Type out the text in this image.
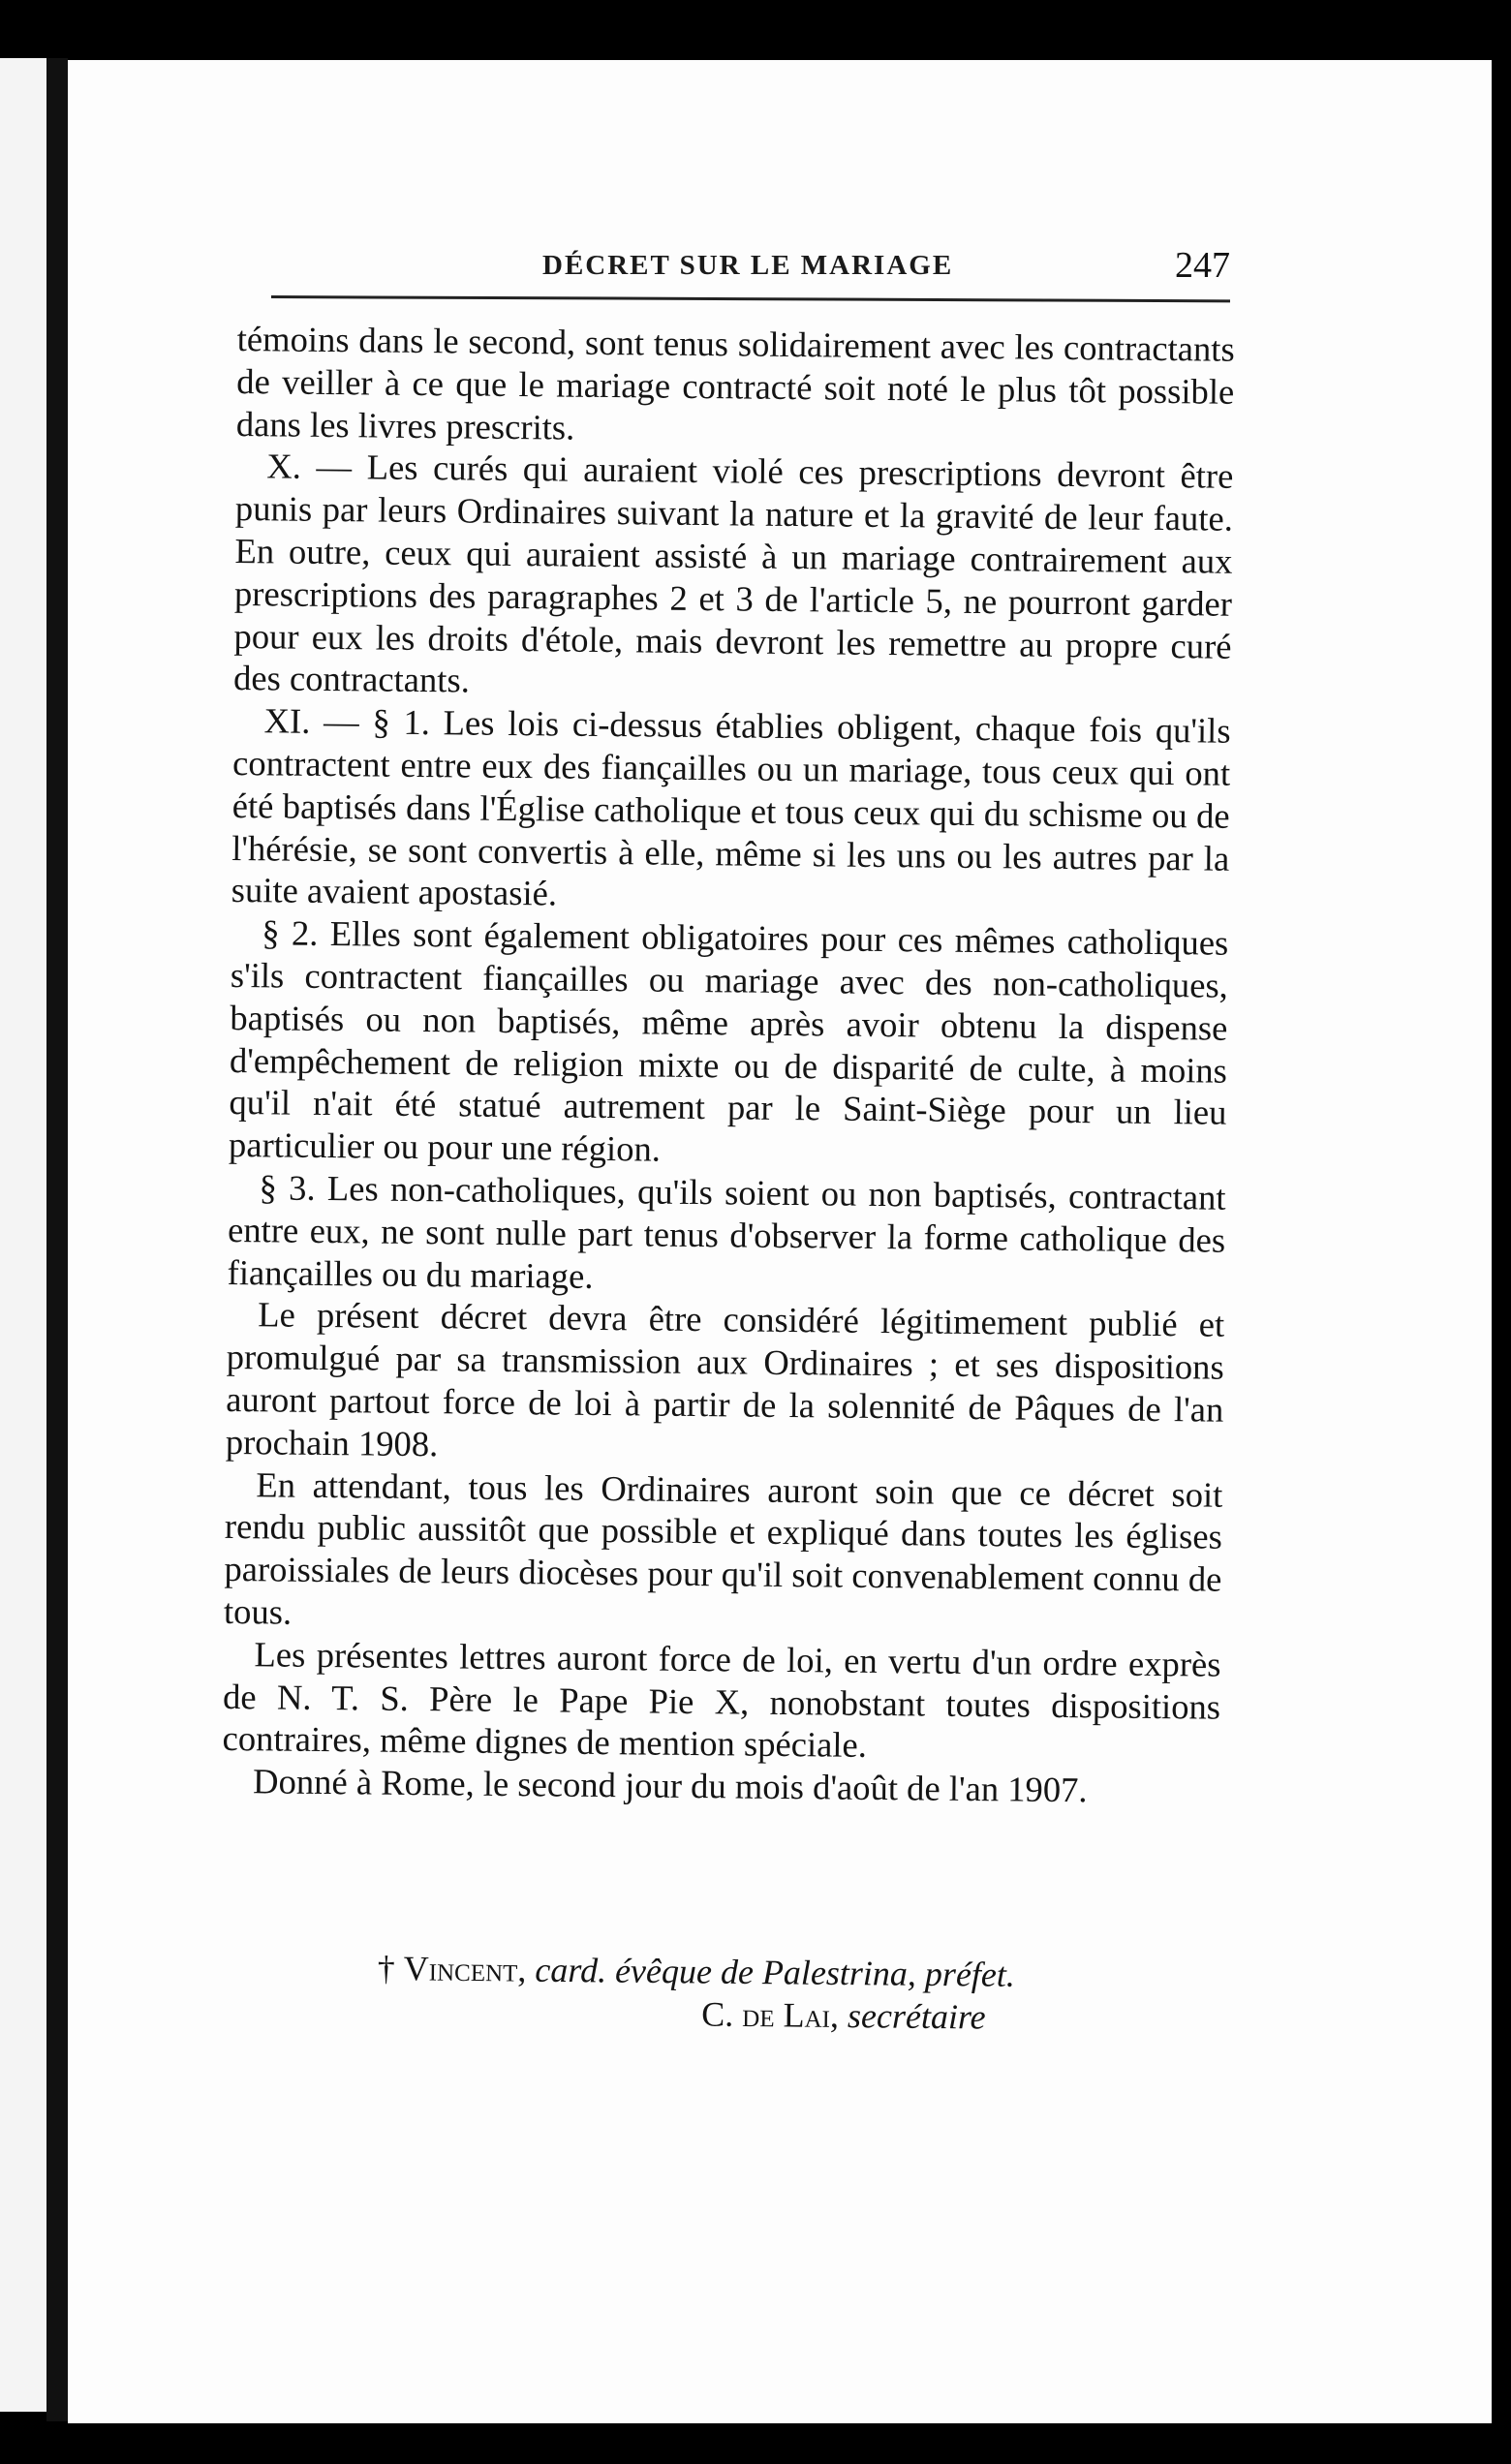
DÉCRET SUR LE MARIAGE	247

témoins dans le second, sont tenus solidairement avec les contractants de veiller à ce que le mariage contracté soit noté le plus tôt possible dans les livres prescrits.

X. — Les curés qui auraient violé ces prescriptions devront être punis par leurs Ordinaires suivant la nature et la gravité de leur faute. En outre, ceux qui auraient assisté à un mariage contrairement aux prescriptions des paragraphes 2 et 3 de l'article 5, ne pourront garder pour eux les droits d'étole, mais devront les remettre au propre curé des contractants.

XI. — § 1. Les lois ci-dessus établies obligent, chaque fois qu'ils contractent entre eux des fiançailles ou un mariage, tous ceux qui ont été baptisés dans l'Église catholique et tous ceux qui du schisme ou de l'hérésie, se sont convertis à elle, même si les uns ou les autres par la suite avaient apostasié.

§ 2. Elles sont également obligatoires pour ces mêmes catholiques s'ils contractent fiançailles ou mariage avec des non-catholiques, baptisés ou non baptisés, même après avoir obtenu la dispense d'empêchement de religion mixte ou de disparité de culte, à moins qu'il n'ait été statué autrement par le Saint-Siège pour un lieu particulier ou pour une région.

§ 3. Les non-catholiques, qu'ils soient ou non baptisés, contractant entre eux, ne sont nulle part tenus d'observer la forme catholique des fiançailles ou du mariage.

Le présent décret devra être considéré légitimement publié et promulgué par sa transmission aux Ordinaires ; et ses dispositions auront partout force de loi à partir de la solennité de Pâques de l'an prochain 1908.

En attendant, tous les Ordinaires auront soin que ce décret soit rendu public aussitôt que possible et expliqué dans toutes les églises paroissiales de leurs diocèses pour qu'il soit convenablement connu de tous.

Les présentes lettres auront force de loi, en vertu d'un ordre exprès de N. T. S. Père le Pape Pie X, nonobstant toutes dispositions contraires, même dignes de mention spéciale.

Donné à Rome, le second jour du mois d'août de l'an 1907.

† Vincent, card. évêque de Palestrina, préfet.
C. de Lai, secrétaire
